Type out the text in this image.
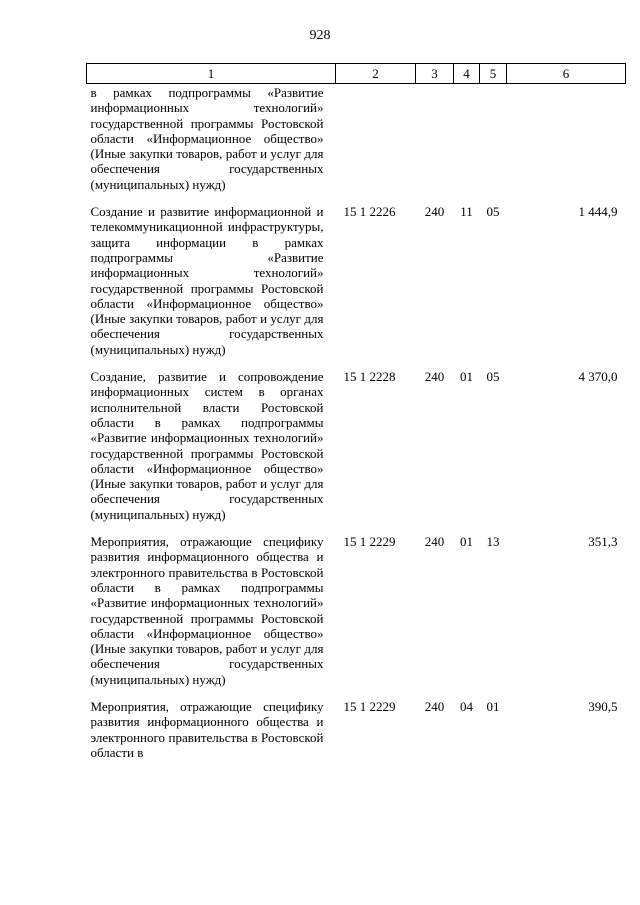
928
1	2	3	4	5	6
в рамках подпрограммы «Развитие информационных технологий» государственной программы Ростовской области «Информационное общество» (Иные закупки товаров, работ и услуг для обеспечения государственных (муниципальных) нужд)					
Создание и развитие информационной и телекоммуникационной инфраструктуры, защита информации в рамках подпрограммы «Развитие информационных технологий» государственной программы Ростовской области «Информационное общество» (Иные закупки товаров, работ и услуг для обеспечения государственных (муниципальных) нужд)	15 1 2226	240	11	05	1 444,9
Создание, развитие и сопровождение информационных систем в органах исполнительной власти Ростовской области в рамках подпрограммы «Развитие информационных технологий» государственной программы Ростовской области «Информационное общество» (Иные закупки товаров, работ и услуг для обеспечения государственных (муниципальных) нужд)	15 1 2228	240	01	05	4 370,0
Мероприятия, отражающие специфику развития информационного общества и электронного правительства в Ростовской области в рамках подпрограммы «Развитие информационных технологий» государственной программы Ростовской области «Информационное общество» (Иные закупки товаров, работ и услуг для обеспечения государственных (муниципальных) нужд)	15 1 2229	240	01	13	351,3
Мероприятия, отражающие специфику развития информационного общества и электронного правительства в Ростовской области в	15 1 2229	240	04	01	390,5
